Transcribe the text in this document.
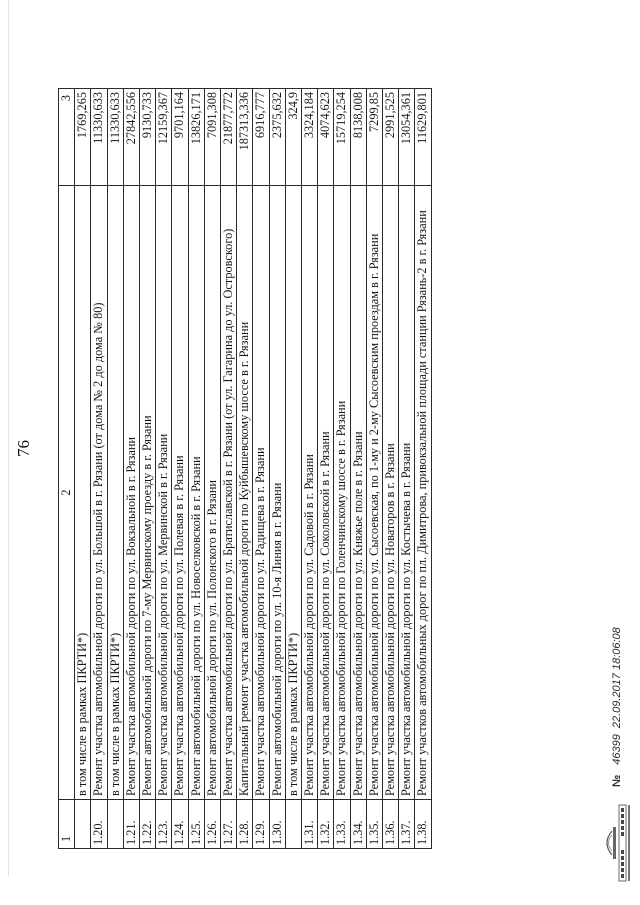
76
1	2	3
	в том числе в рамках ПКРТИ*)	1769,265
1.20.	Ремонт участка автомобильной дороги по ул. Большой в г. Рязани (от дома № 2 до дома № 80)	11330,633
	в том числе в рамках ПКРТИ*)	11330,633
1.21.	Ремонт участка автомобильной дороги по ул. Вокзальной в г. Рязани	27842,556
1.22.	Ремонт автомобильной дороги по 7-му Мервинскому проезду в г. Рязани	9130,733
1.23.	Ремонт участка автомобильной дороги по ул. Мервинской в г. Рязани	12159,367
1.24.	Ремонт участка автомобильной дороги по ул. Полевая в г. Рязани	9701,164
1.25.	Ремонт автомобильной дороги по ул. Новоселковской в г. Рязани	13826,171
1.26.	Ремонт автомобильной дороги по ул. Полонского в г. Рязани	7091,308
1.27.	Ремонт участка автомобильной дороги по ул. Братиславской в г. Рязани (от ул. Гагарина до ул. Островского)	21877,772
1.28.	Капитальный ремонт участка автомобильной дороги по Куйбышевскому шоссе в г. Рязани	187313,336
1.29.	Ремонт участка автомобильной дороги по ул. Радищева в г. Рязани	6916,777
1.30.	Ремонт автомобильной дороги по ул. 10-я Линия в г. Рязани	2375,632
	в том числе в рамках ПКРТИ*)	324,9
1.31.	Ремонт участка автомобильной дороги по ул. Садовой в г. Рязани	3324,184
1.32.	Ремонт участка автомобильной дороги по ул. Соколовской в г. Рязани	4074,623
1.33.	Ремонт участка автомобильной дороги по Голенчинскому шоссе в г. Рязани	15719,254
1.34.	Ремонт участка автомобильной дороги по ул. Княжье поле в г. Рязани	8138,008
1.35.	Ремонт участка автомобильной дороги по ул. Сысоевская, по 1-му и 2-му Сысоевским проездам в г. Рязани	7299,85
1.36.	Ремонт участка автомобильной дороги по ул. Новаторов в г. Рязани	2991,525
1.37.	Ремонт участка автомобильной дороги по ул. Костычева в г. Рязани	13054,361
1.38.	Ремонт участков автомобильных дорог по пл. Димитрова, привокзальной площади станции Рязань-2 в г. Рязани	11629,801
№4639922.09.2017 18:06:08
